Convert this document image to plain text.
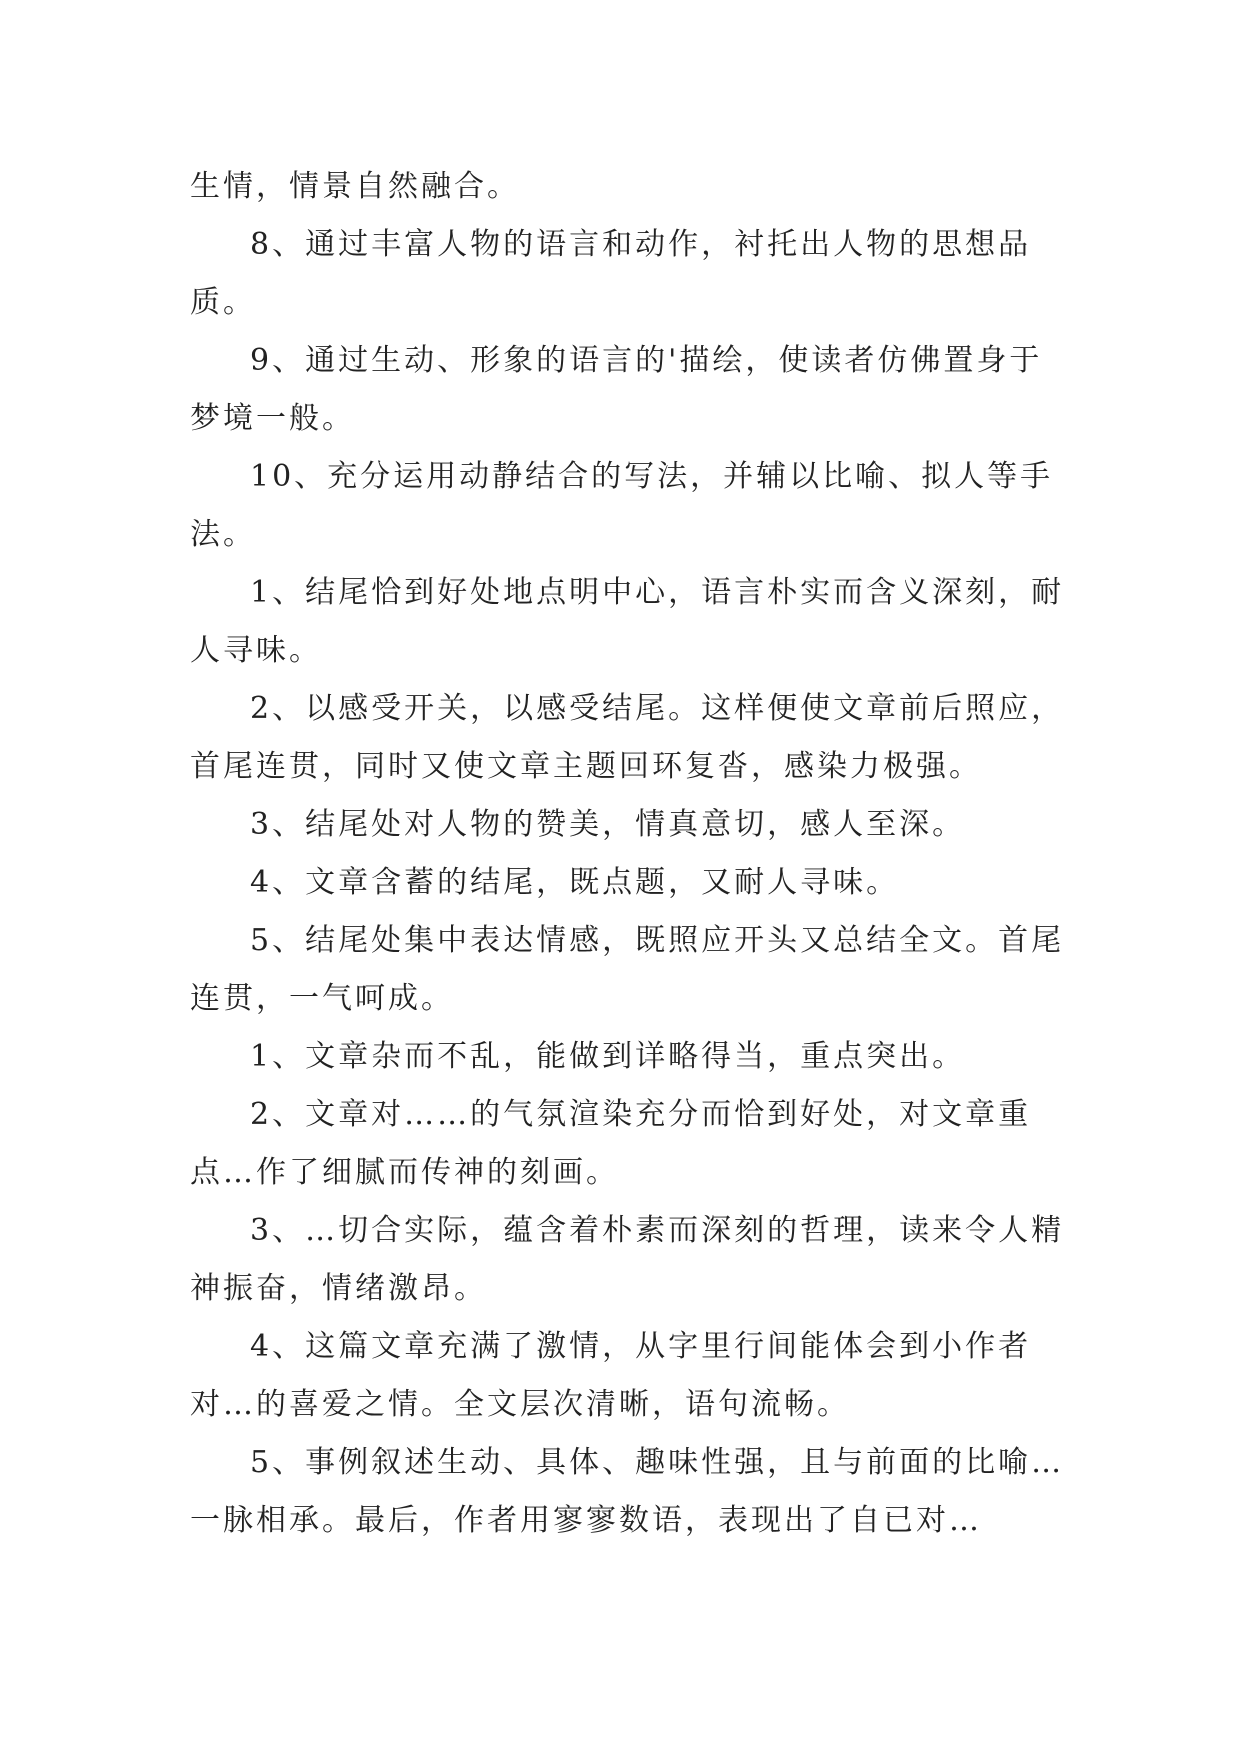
生情，情景自然融合。

8、通过丰富人物的语言和动作，衬托出人物的思想品质。

9、通过生动、形象的语言的'描绘，使读者仿佛置身于梦境一般。

10、充分运用动静结合的写法，并辅以比喻、拟人等手法。

1、结尾恰到好处地点明中心，语言朴实而含义深刻，耐人寻味。

2、以感受开关，以感受结尾。这样便使文章前后照应，首尾连贯，同时又使文章主题回环复沓，感染力极强。

3、结尾处对人物的赞美，情真意切，感人至深。

4、文章含蓄的结尾，既点题，又耐人寻味。

5、结尾处集中表达情感，既照应开头又总结全文。首尾连贯，一气呵成。

1、文章杂而不乱，能做到详略得当，重点突出。

2、文章对……的气氛渲染充分而恰到好处，对文章重点…作了细腻而传神的刻画。

3、…切合实际，蕴含着朴素而深刻的哲理，读来令人精神振奋，情绪激昂。

4、这篇文章充满了激情，从字里行间能体会到小作者对…的喜爱之情。全文层次清晰，语句流畅。

5、事例叙述生动、具体、趣味性强，且与前面的比喻…一脉相承。最后，作者用寥寥数语，表现出了自已对…
